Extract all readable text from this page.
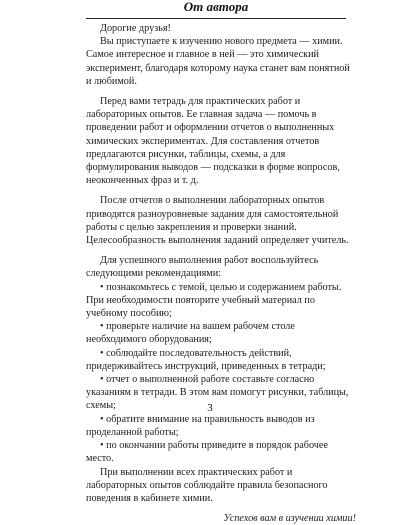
От автора
Дорогие друзья!
Вы приступаете к изучению нового предмета — химии. Самое интересное и главное в ней — это химический эксперимент, благодаря которому наука станет вам понятной и любимой.
Перед вами тетрадь для практических работ и лабораторных опытов. Ее главная задача — помочь в проведении работ и оформлении отчетов о выполненных химических экспериментах. Для составления отчетов предлагаются рисунки, таблицы, схемы, а для формулирования выводов — подсказки в форме вопросов, неоконченных фраз и т. д.
После отчетов о выполнении лабораторных опытов приводятся разноуровневые задания для самостоятельной работы с целью закрепления и проверки знаний. Целесообразность выполнения заданий определяет учитель.
Для успешного выполнения работ воспользуйтесь следующими рекомендациями:
• познакомьтесь с темой, целью и содержанием работы. При необходимости повторите учебный материал по учебному пособию;
• проверьте наличие на вашем рабочем столе необходимого оборудования;
• соблюдайте последовательность действий, придерживайтесь инструкций, приведенных в тетради;
• отчет о выполненной работе составьте согласно указаниям в тетради. В этом вам помогут рисунки, таблицы, схемы;
• обратите внимание на правильность выводов из проделанной работы;
• по окончании работы приведите в порядок рабочее место.
При выполнении всех практических работ и лабораторных опытов соблюдайте правила безопасного поведения в кабинете химии.
Успехов вам в изучении химии!
3
